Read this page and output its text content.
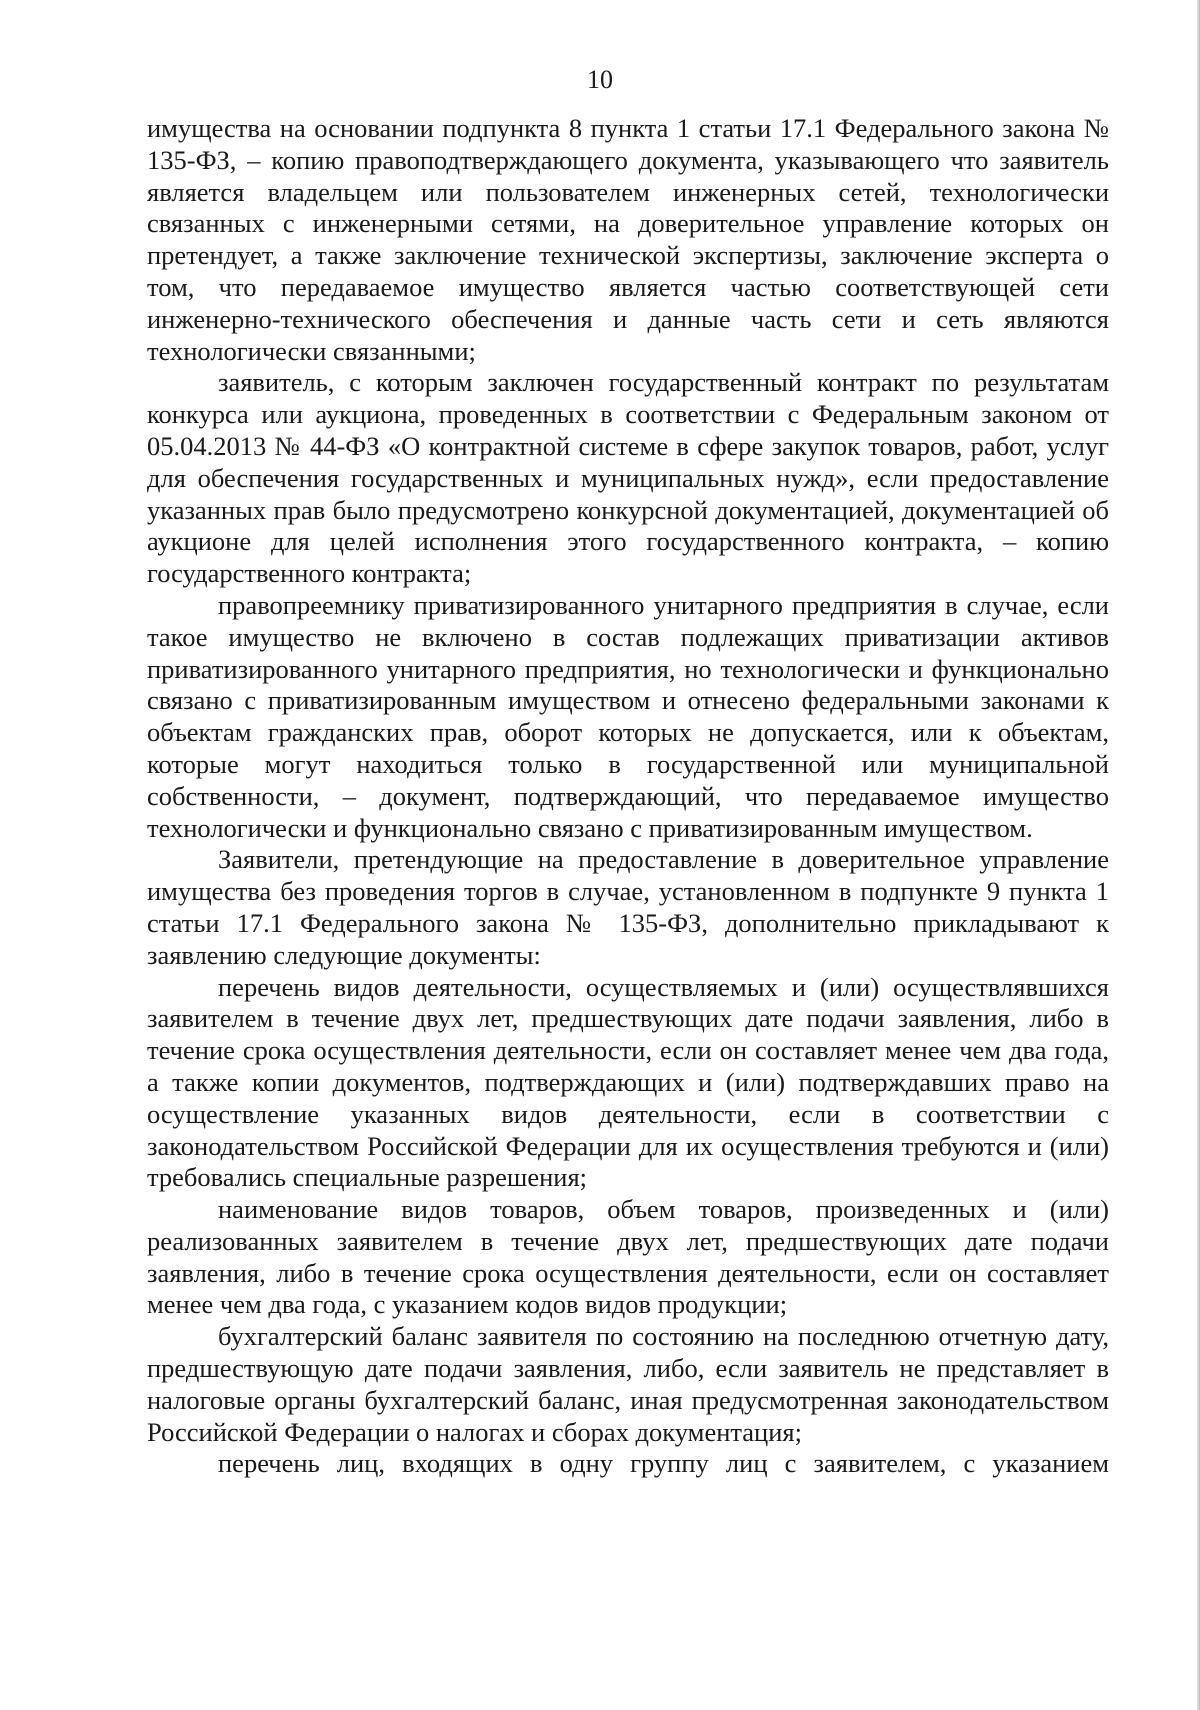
10

имущества на основании подпункта 8 пункта 1 статьи 17.1 Федерального закона № 135-ФЗ, – копию правоподтверждающего документа, указывающего что заявитель является владельцем или пользователем инженерных сетей, технологически связанных с инженерными сетями, на доверительное управление которых он претендует, а также заключение технической экспертизы, заключение эксперта о том, что передаваемое имущество является частью соответствующей сети инженерно-технического обеспечения и данные часть сети и сеть являются технологически связанными;

заявитель, с которым заключен государственный контракт по результатам конкурса или аукциона, проведенных в соответствии с Федеральным законом от 05.04.2013 № 44-ФЗ «О контрактной системе в сфере закупок товаров, работ, услуг для обеспечения государственных и муниципальных нужд», если предоставление указанных прав было предусмотрено конкурсной документацией, документацией об аукционе для целей исполнения этого государственного контракта, – копию государственного контракта;

правопреемнику приватизированного унитарного предприятия в случае, если такое имущество не включено в состав подлежащих приватизации активов приватизированного унитарного предприятия, но технологически и функционально связано с приватизированным имуществом и отнесено федеральными законами к объектам гражданских прав, оборот которых не допускается, или к объектам, которые могут находиться только в государственной или муниципальной собственности, – документ, подтверждающий, что передаваемое имущество технологически и функционально связано с приватизированным имуществом.

Заявители, претендующие на предоставление в доверительное управление имущества без проведения торгов в случае, установленном в подпункте 9 пункта 1 статьи 17.1 Федерального закона № 135-ФЗ, дополнительно прикладывают к заявлению следующие документы:

перечень видов деятельности, осуществляемых и (или) осуществлявшихся заявителем в течение двух лет, предшествующих дате подачи заявления, либо в течение срока осуществления деятельности, если он составляет менее чем два года, а также копии документов, подтверждающих и (или) подтверждавших право на осуществление указанных видов деятельности, если в соответствии с законодательством Российской Федерации для их осуществления требуются и (или) требовались специальные разрешения;

наименование видов товаров, объем товаров, произведенных и (или) реализованных заявителем в течение двух лет, предшествующих дате подачи заявления, либо в течение срока осуществления деятельности, если он составляет менее чем два года, с указанием кодов видов продукции;

бухгалтерский баланс заявителя по состоянию на последнюю отчетную дату, предшествующую дате подачи заявления, либо, если заявитель не представляет в налоговые органы бухгалтерский баланс, иная предусмотренная законодательством Российской Федерации о налогах и сборах документация;

перечень лиц, входящих в одну группу лиц с заявителем, с указанием
